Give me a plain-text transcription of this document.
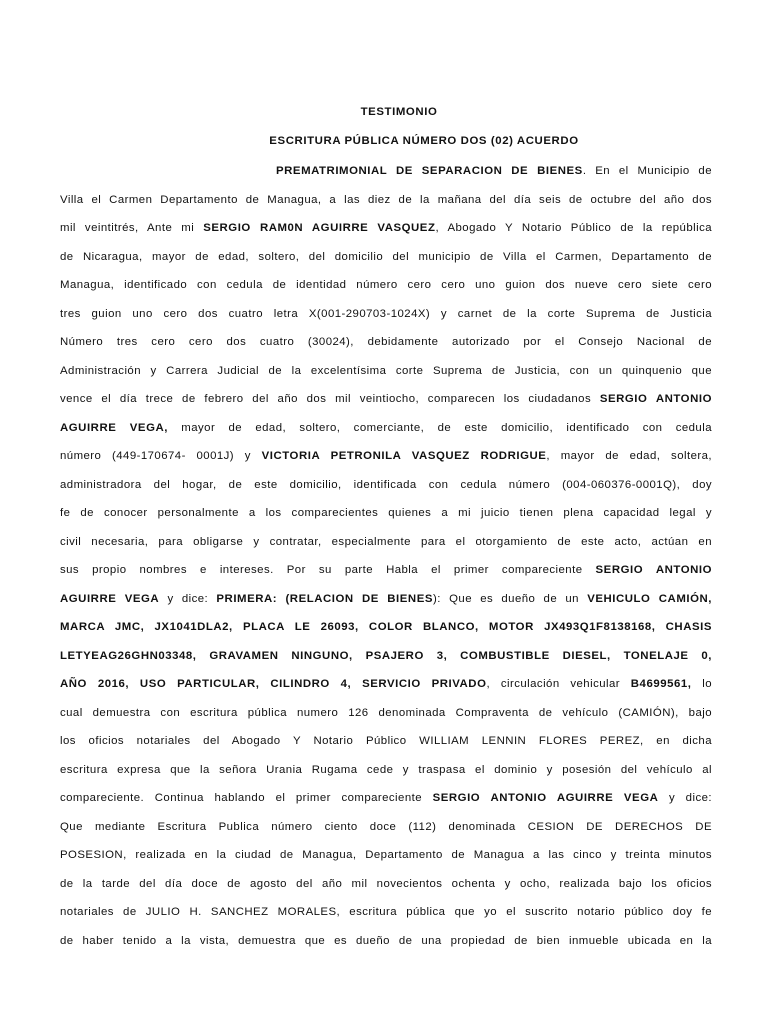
TESTIMONIO
ESCRITURA PÚBLICA NÚMERO DOS (02) ACUERDO
PREMATRIMONIAL DE SEPARACION DE BIENES. En el Municipio de
Villa el Carmen Departamento de Managua, a las diez de la mañana del día seis de octubre del año dos
mil veintitrés, Ante mi SERGIO RAM0N AGUIRRE VASQUEZ, Abogado Y Notario Público de la república
de Nicaragua, mayor de edad, soltero, del domicilio del municipio de Villa el Carmen, Departamento de
Managua, identificado con cedula de identidad número cero cero uno guion dos nueve cero siete cero
tres guion uno cero dos cuatro letra X(001-290703-1024X) y carnet de la corte Suprema de Justicia
Número tres cero cero dos cuatro (30024), debidamente autorizado por el Consejo Nacional de
Administración y Carrera Judicial de la excelentísima corte Suprema de Justicia, con un quinquenio que
vence el día trece de febrero del año dos mil veintiocho, comparecen los ciudadanos SERGIO ANTONIO
AGUIRRE VEGA, mayor de edad, soltero, comerciante, de este domicilio, identificado con cedula
número (449-170674- 0001J) y VICTORIA PETRONILA VASQUEZ RODRIGUE, mayor de edad, soltera,
administradora del hogar, de este domicilio, identificada con cedula número (004-060376-0001Q), doy
fe de conocer personalmente a los comparecientes quienes a mi juicio tienen plena capacidad legal y
civil necesaria, para obligarse y contratar, especialmente para el otorgamiento de este acto, actúan en
sus propio nombres e intereses. Por su parte Habla el primer compareciente SERGIO ANTONIO
AGUIRRE VEGA y dice: PRIMERA: (RELACION DE BIENES): Que es dueño de un VEHICULO CAMIÓN,
MARCA JMC, JX1041DLA2, PLACA LE 26093, COLOR BLANCO, MOTOR JX493Q1F8138168, CHASIS
LETYEAG26GHN03348, GRAVAMEN NINGUNO, PSAJERO 3, COMBUSTIBLE DIESEL, TONELAJE 0,
AÑO 2016, USO PARTICULAR, CILINDRO 4, SERVICIO PRIVADO, circulación vehicular B4699561, lo
cual demuestra con escritura pública numero 126 denominada Compraventa de vehículo (CAMIÓN), bajo
los oficios notariales del Abogado Y Notario Público WILLIAM LENNIN FLORES PEREZ, en dicha
escritura expresa que la señora Urania Rugama cede y traspasa el dominio y posesión del vehículo al
compareciente. Continua hablando el primer compareciente SERGIO ANTONIO AGUIRRE VEGA y dice:
Que mediante Escritura Publica número ciento doce (112) denominada CESION DE DERECHOS DE
POSESION, realizada en la ciudad de Managua, Departamento de Managua a las cinco y treinta minutos
de la tarde del día doce de agosto del año mil novecientos ochenta y ocho, realizada bajo los oficios
notariales de JULIO H. SANCHEZ MORALES, escritura pública que yo el suscrito notario público doy fe
de haber tenido a la vista, demuestra que es dueño de una propiedad de bien inmueble ubicada en la
